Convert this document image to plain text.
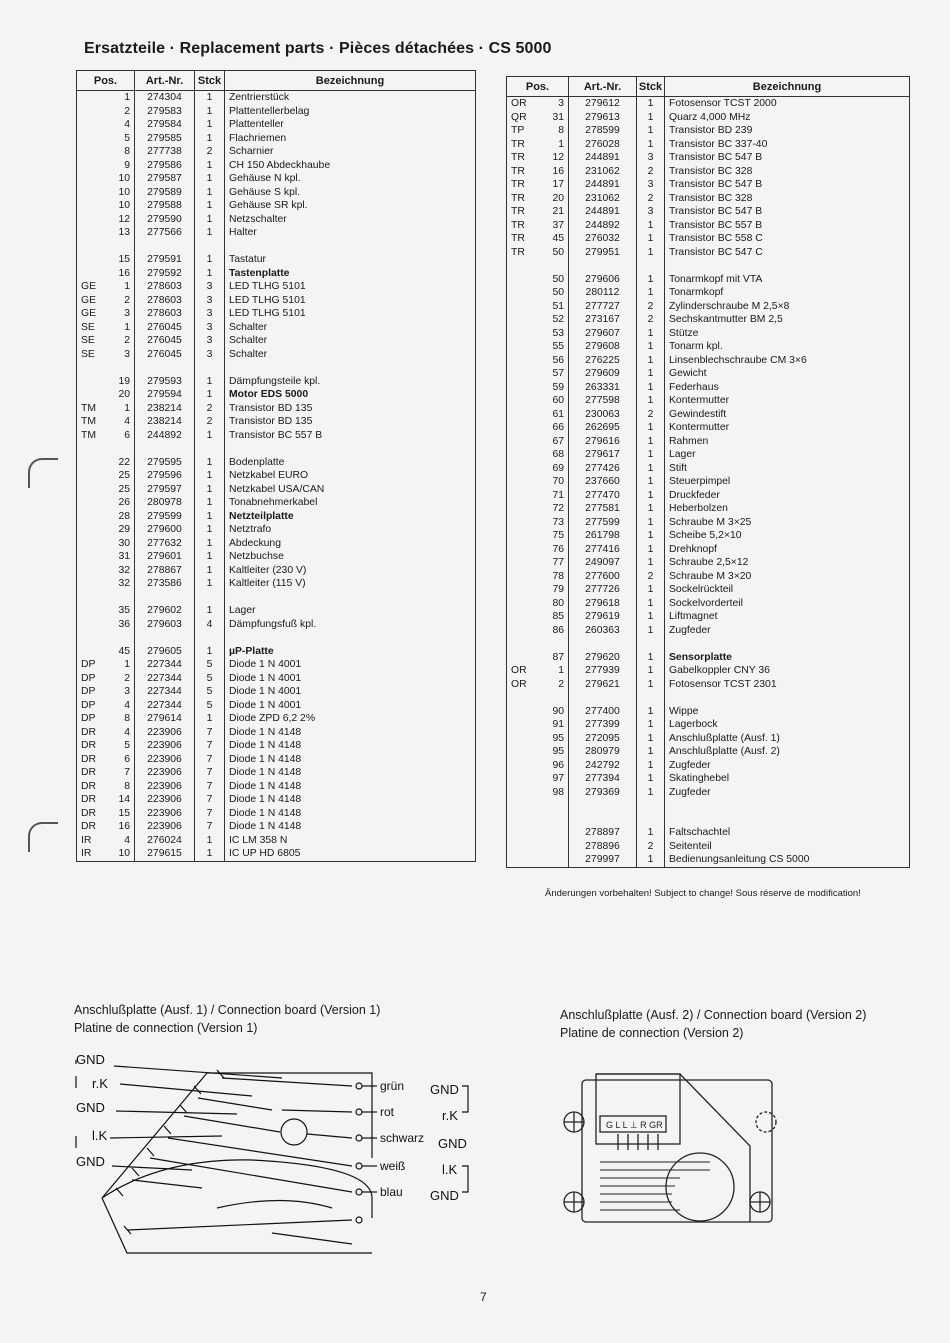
Ersatzteile · Replacement parts · Pièces détachées · CS 5000
Pos.	Art.-Nr.	Stck	Bezeichnung

1	274304	1	Zentrierstück

2	279583	1	Plattentellerbelag

4	279584	1	Plattenteller

5	279585	1	Flachriemen

8	277738	2	Scharnier

9	279586	1	CH 150 Abdeckhaube

10	279587	1	Gehäuse N kpl.

10	279589	1	Gehäuse S kpl.

10	279588	1	Gehäuse SR kpl.

12	279590	1	Netzschalter

13	277566	1	Halter

15	279591	1	Tastatur

16	279592	1	Tastenplatte

GE 1	278603	3	LED TLHG 5101

GE 2	278603	3	LED TLHG 5101

GE 3	278603	3	LED TLHG 5101

SE 1	276045	3	Schalter

SE 2	276045	3	Schalter

SE 3	276045	3	Schalter

19	279593	1	Dämpfungsteile kpl.

20	279594	1	Motor EDS 5000

TM 1	238214	2	Transistor BD 135

TM 4	238214	2	Transistor BD 135

TM 6	244892	1	Transistor BC 557 B

22	279595	1	Bodenplatte

25	279596	1	Netzkabel EURO

25	279597	1	Netzkabel USA/CAN

26	280978	1	Tonabnehmerkabel

28	279599	1	Netzteilplatte

29	279600	1	Netztrafo

30	277632	1	Abdeckung

31	279601	1	Netzbuchse

32	278867	1	Kaltleiter (230 V)

32	273586	1	Kaltleiter (115 V)

35	279602	1	Lager

36	279603	4	Dämpfungsfuß kpl.

45	279605	1	µP-Platte

DP 1	227344	5	Diode 1 N 4001

DP 2	227344	5	Diode 1 N 4001

DP 3	227344	5	Diode 1 N 4001

DP 4	227344	5	Diode 1 N 4001

DP 8	279614	1	Diode ZPD 6,2 2%

DR 4	223906	7	Diode 1 N 4148

DR 5	223906	7	Diode 1 N 4148

DR 6	223906	7	Diode 1 N 4148

DR 7	223906	7	Diode 1 N 4148

DR 8	223906	7	Diode 1 N 4148

DR 14	223906	7	Diode 1 N 4148

DR 15	223906	7	Diode 1 N 4148

DR 16	223906	7	Diode 1 N 4148

IR 4	276024	1	IC LM 358 N

IR 10	279615	1	IC UP HD 6805
Pos.	Art.-Nr.	Stck	Bezeichnung

OR 3	279612	1	Fotosensor TCST 2000

QR 31	279613	1	Quarz 4,000 MHz

TP 8	278599	1	Transistor BD 239

TR 1	276028	1	Transistor BC 337-40

TR 12	244891	3	Transistor BC 547 B

TR 16	231062	2	Transistor BC 328

TR 17	244891	3	Transistor BC 547 B

TR 20	231062	2	Transistor BC 328

TR 21	244891	3	Transistor BC 547 B

TR 37	244892	1	Transistor BC 557 B

TR 45	276032	1	Transistor BC 558 C

TR 50	279951	1	Transistor BC 547 C

50	279606	1	Tonarmkopf mit VTA

50	280112	1	Tonarmkopf

51	277727	2	Zylinderschraube M 2,5×8

52	273167	2	Sechskantmutter BM 2,5

53	279607	1	Stütze

55	279608	1	Tonarm kpl.

56	276225	1	Linsenblechschraube CM 3×6

57	279609	1	Gewicht

59	263331	1	Federhaus

60	277598	1	Kontermutter

61	230063	2	Gewindestift

66	262695	1	Kontermutter

67	279616	1	Rahmen

68	279617	1	Lager

69	277426	1	Stift

70	237660	1	Steuerpimpel

71	277470	1	Druckfeder

72	277581	1	Heberbolzen

73	277599	1	Schraube M 3×25

75	261798	1	Scheibe 5,2×10

76	277416	1	Drehknopf

77	249097	1	Schraube 2,5×12

78	277600	2	Schraube M 3×20

79	277726	1	Sockelrückteil

80	279618	1	Sockelvorderteil

85	279619	1	Liftmagnet

86	260363	1	Zugfeder

87	279620	1	Sensorplatte

OR 1	277939	1	Gabelkoppler CNY 36

OR 2	279621	1	Fotosensor TCST 2301

90	277400	1	Wippe

91	277399	1	Lagerbock

95	272095	1	Anschlußplatte (Ausf. 1)

95	280979	1	Anschlußplatte (Ausf. 2)

96	242792	1	Zugfeder

97	277394	1	Skatinghebel

98	279369	1	Zugfeder

	278897	1	Faltschachtel

	278896	2	Seitenteil

	279997	1	Bedienungsanleitung CS 5000
Änderungen vorbehalten! Subject to change! Sous réserve de modification!
Anschlußplatte (Ausf. 1) / Connection board (Version 1)
Platine de connection (Version 1)
Anschlußplatte (Ausf. 2) / Connection board (Version 2)
Platine de connection (Version 2)
GND
r.K
GND
l.K
GND
grün
rot
schwarz
weiß
blau
GND
r.K
GND
l.K
GND
G L L ⊥ R GR
7
